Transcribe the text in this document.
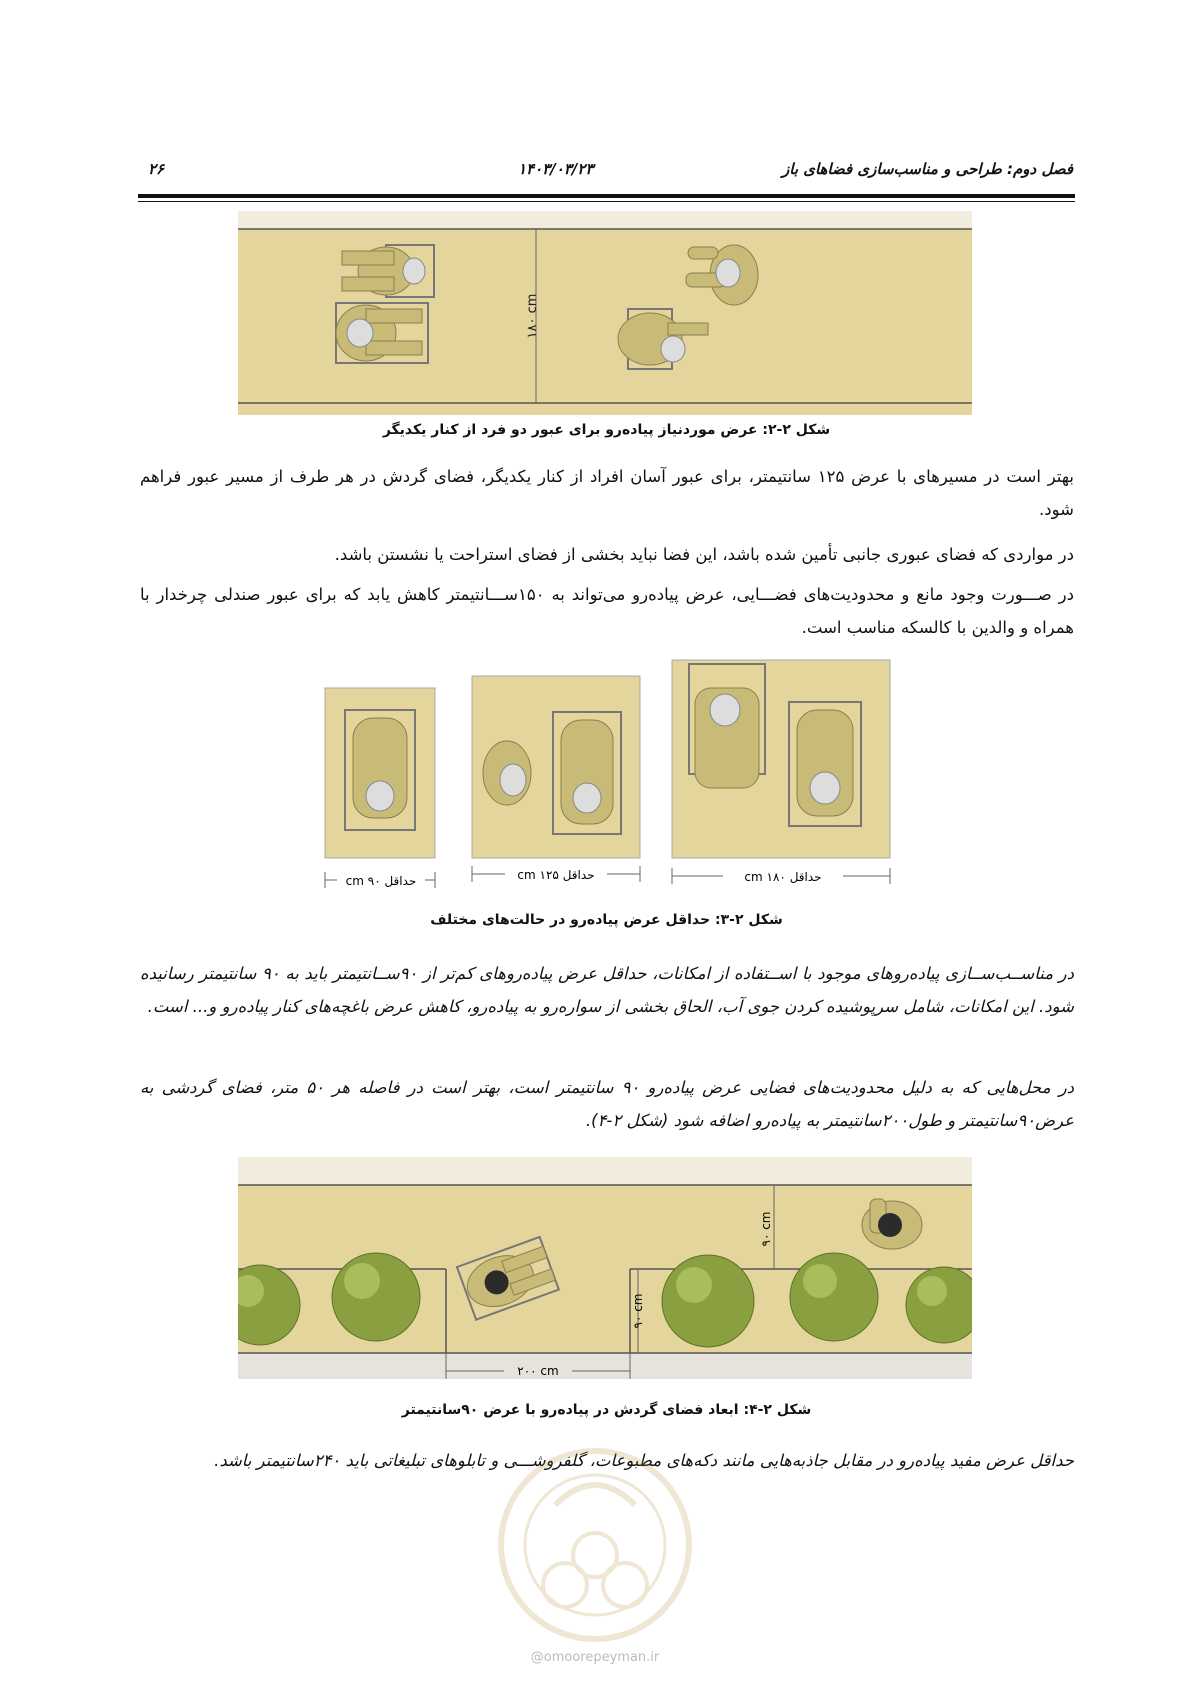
۲۶	۱۴۰۳/۰۳/۲۳	فصل دوم: طراحی و مناسب‌سازی فضاهای باز
۱۸۰ cm
شکل ۲-۲: عرض موردنیاز پیاده‌رو برای عبور دو فرد از کنار یکدیگر
بهتر است در مسیرهای با عرض ۱۲۵ سانتیمتر، برای عبور آسان افراد از کنار یکدیگر، فضای گردش در هر طرف از مسیر عبور فراهم شود.
در مواردی که فضای عبوری جانبی تأمین شده باشد، این فضا نباید بخشی از فضای استراحت یا نشستن باشد.
در صـــورت وجود مانع و محدودیت‌های فضـــایی، عرض پیاده‌رو می‌تواند به ۱۵۰ســـانتیمتر کاهش یابد که برای عبور صندلی چرخدار با همراه و والدین با کالسکه مناسب است.
حداقل ۹۰ cm	حداقل ۱۲۵ cm	حداقل ۱۸۰ cm
شکل ۲-۳: حداقل عرض پیاده‌رو در حالت‌های مختلف
در مناســب‌ســازی پیاده‌روهای موجود با اســتفاده از امکانات، حداقل عرض پیاده‌روهای کم‌تر از ۹۰ســانتیمتر باید به ۹۰ سانتیمتر رسانیده شود. این امکانات، شامل سرپوشیده کردن جوی آب، الحاق بخشی از سواره‌رو به پیاده‌رو، کاهش عرض باغچه‌های کنار پیاده‌رو و... است.
در محل‌هایی که به دلیل محدودیت‌های فضایی عرض پیاده‌رو ۹۰ سانتیمتر است، بهتر است در فاصله هر ۵۰ متر، فضای گردشی به عرض۹۰سانتیمتر و طول۲۰۰سانتیمتر به پیاده‌رو اضافه شود (شکل ۲-۴).
۹۰ cm
۹۰ cm
۲۰۰ cm
شکل ۲-۴: ابعاد فضای گردش در پیاده‌رو با عرض ۹۰سانتیمتر
حداقل عرض مفید پیاده‌رو در مقابل جاذبه‌هایی مانند دکه‌های مطبوعات، گلفروشـــی و تابلوهای تبلیغاتی باید ۲۴۰سانتیمتر باشد.
@omoorepeyman.ir
